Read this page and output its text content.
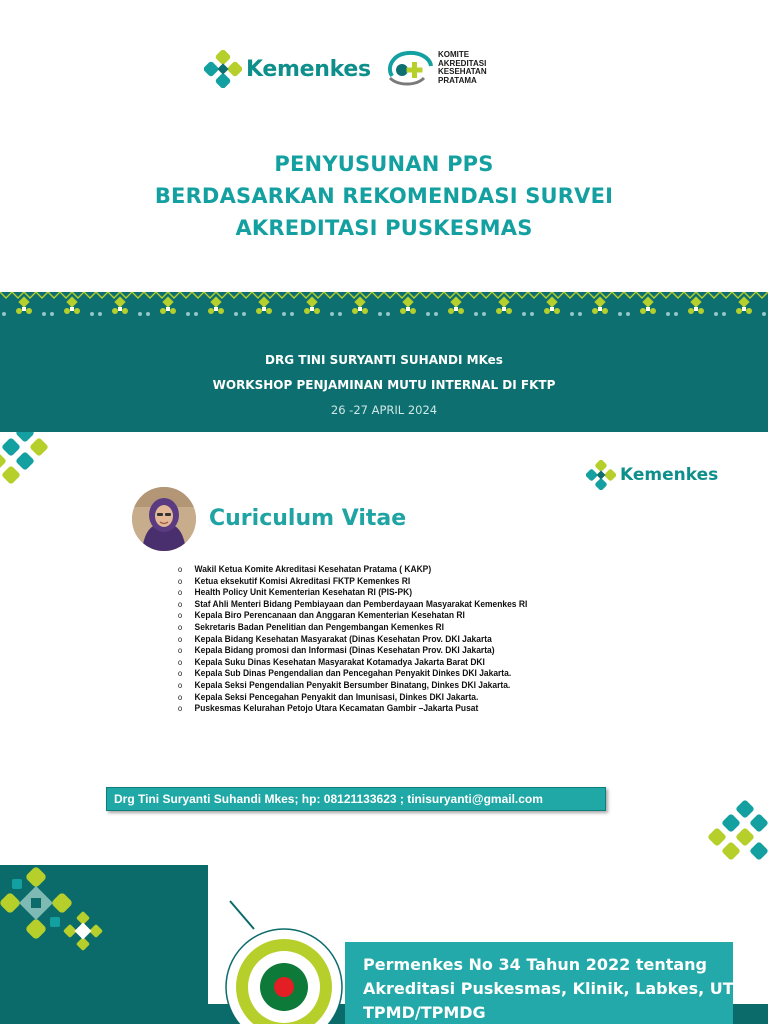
Kemenkes
KOMITE
AKREDITASI
KESEHATAN
PRATAMA
PENYUSUNAN PPS
BERDASARKAN REKOMENDASI SURVEI
AKREDITASI PUSKESMAS
DRG TINI SURYANTI SUHANDI MKes
WORKSHOP PENJAMINAN MUTU INTERNAL DI FKTP
26 -27 APRIL 2024
Kemenkes
Curiculum Vitae
o	Wakil Ketua Komite Akreditasi Kesehatan Pratama ( KAKP)
o	Ketua eksekutif Komisi Akreditasi FKTP Kemenkes RI
o	Health Policy Unit Kementerian Kesehatan RI (PIS-PK)
o	Staf Ahli Menteri Bidang Pembiayaan dan Pemberdayaan Masyarakat Kemenkes RI
o	Kepala Biro Perencanaan dan Anggaran Kementerian Kesehatan RI
o	Sekretaris Badan Penelitian dan Pengembangan Kemenkes RI
o	Kepala Bidang Kesehatan Masyarakat (Dinas Kesehatan Prov. DKI Jakarta
o	Kepala Bidang promosi dan Informasi (Dinas Kesehatan Prov. DKI Jakarta)
o	Kepala Suku Dinas Kesehatan Masyarakat Kotamadya Jakarta Barat DKI
o	Kepala Sub Dinas Pengendalian dan Pencegahan Penyakit Dinkes DKI Jakarta.
o	Kepala Seksi Pengendalian Penyakit Bersumber Binatang, Dinkes DKI Jakarta.
o	Kepala Seksi Pencegahan Penyakit dan Imunisasi, Dinkes DKI Jakarta.
o	Puskesmas Kelurahan Petojo Utara Kecamatan Gambir –Jakarta Pusat
Drg Tini Suryanti Suhandi Mkes; hp: 08121133623 ; tinisuryanti@gmail.com
Permenkes No 34 Tahun 2022 tentang
Akreditasi Puskesmas, Klinik, Labkes, UTD,
TPMD/TPMDG
